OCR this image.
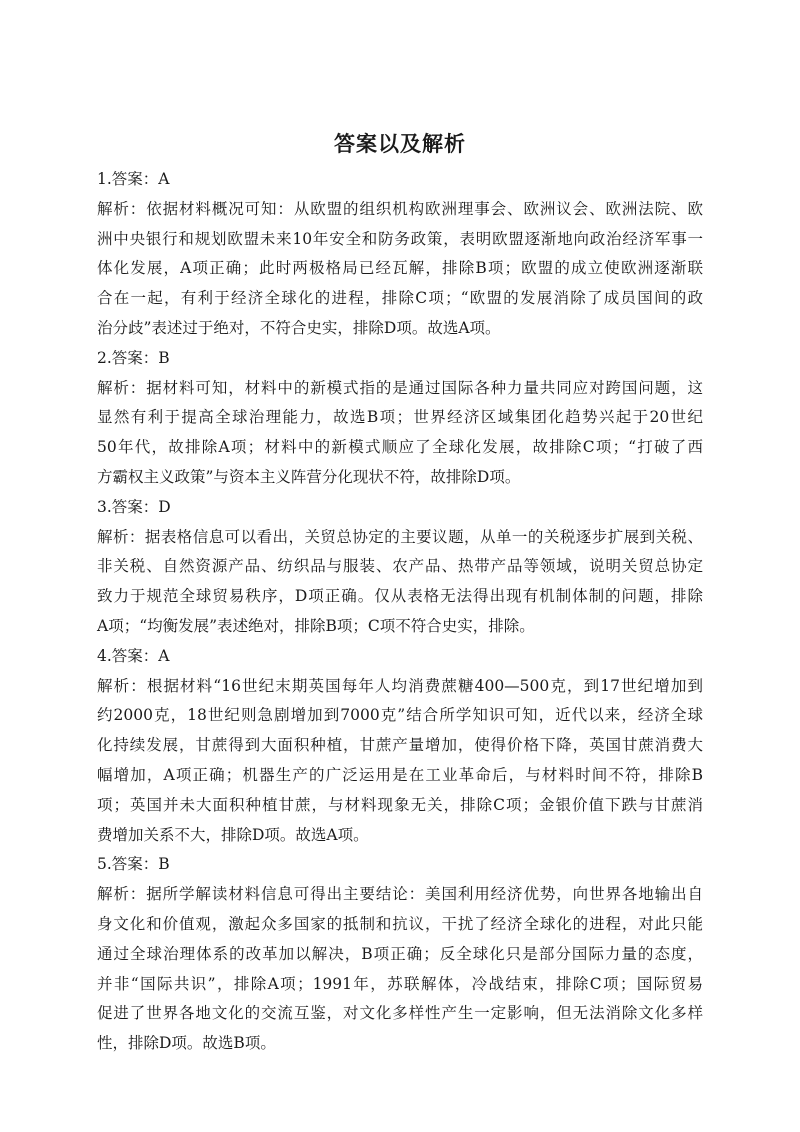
答案以及解析
1.答案：A
解析：依据材料概况可知：从欧盟的组织机构欧洲理事会、欧洲议会、欧洲法院、欧
洲中央银行和规划欧盟未来10年安全和防务政策，表明欧盟逐渐地向政治经济军事一
体化发展，A项正确；此时两极格局已经瓦解，排除B项；欧盟的成立使欧洲逐渐联
合在一起，有利于经济全球化的进程，排除C项；“欧盟的发展消除了成员国间的政
治分歧”表述过于绝对，不符合史实，排除D项。故选A项。
2.答案：B
解析：据材料可知，材料中的新模式指的是通过国际各种力量共同应对跨国问题，这
显然有利于提高全球治理能力，故选B项；世界经济区域集团化趋势兴起于20世纪
50年代，故排除A项；材料中的新模式顺应了全球化发展，故排除C项；“打破了西
方霸权主义政策”与资本主义阵营分化现状不符，故排除D项。
3.答案：D
解析：据表格信息可以看出，关贸总协定的主要议题，从单一的关税逐步扩展到关税、
非关税、自然资源产品、纺织品与服装、农产品、热带产品等领域，说明关贸总协定
致力于规范全球贸易秩序，D项正确。仅从表格无法得出现有机制体制的问题，排除
A项；“均衡发展”表述绝对，排除B项；C项不符合史实，排除。
4.答案：A
解析：根据材料“16世纪末期英国每年人均消费蔗糖400—500克，到17世纪增加到
约2000克，18世纪则急剧增加到7000克”结合所学知识可知，近代以来，经济全球
化持续发展，甘蔗得到大面积种植，甘蔗产量增加，使得价格下降，英国甘蔗消费大
幅增加，A项正确；机器生产的广泛运用是在工业革命后，与材料时间不符，排除B
项；英国并未大面积种植甘蔗，与材料现象无关，排除C项；金银价值下跌与甘蔗消
费增加关系不大，排除D项。故选A项。
5.答案：B
解析：据所学解读材料信息可得出主要结论：美国利用经济优势，向世界各地输出自
身文化和价值观，激起众多国家的抵制和抗议，干扰了经济全球化的进程，对此只能
通过全球治理体系的改革加以解决，B项正确；反全球化只是部分国际力量的态度，
并非“国际共识”，排除A项；1991年，苏联解体，冷战结束，排除C项；国际贸易
促进了世界各地文化的交流互鉴，对文化多样性产生一定影响，但无法消除文化多样
性，排除D项。故选B项。
